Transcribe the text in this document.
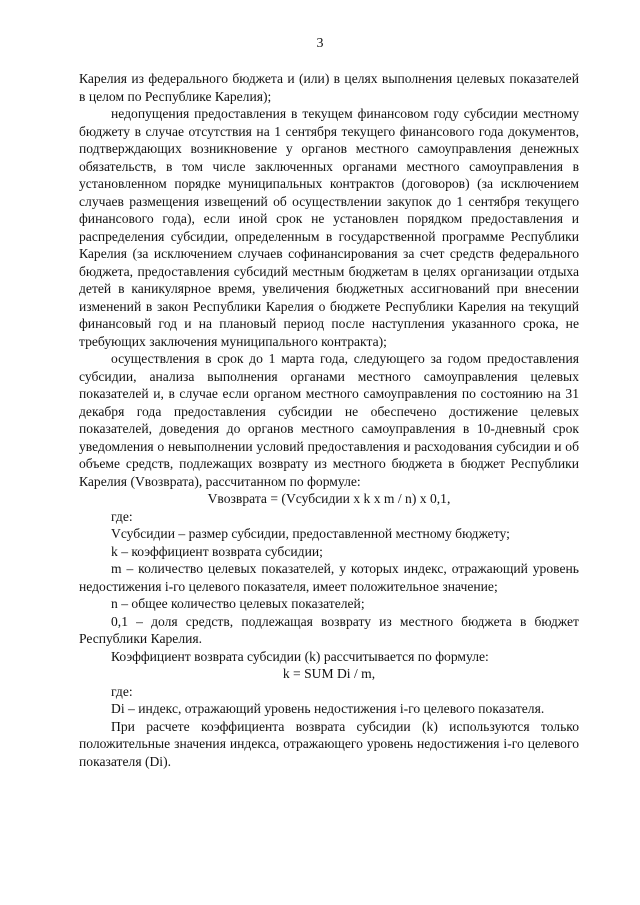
3

Карелия из федерального бюджета и (или) в целях выполнения целевых показателей в целом по Республике Карелия);

недопущения предоставления в текущем финансовом году субсидии местному бюджету в случае отсутствия на 1 сентября текущего финансового года документов, подтверждающих возникновение у органов местного самоуправления денежных обязательств, в том числе заключенных органами местного самоуправления в установленном порядке муниципальных контрактов (договоров) (за исключением случаев размещения извещений об осуществлении закупок до 1 сентября текущего финансового года), если иной срок не установлен порядком предоставления и распределения субсидии, определенным в государственной программе Республики Карелия (за исключением случаев софинансирования за счет средств федерального бюджета, предоставления субсидий местным бюджетам в целях организации отдыха детей в каникулярное время, увеличения бюджетных ассигнований при внесении изменений в закон Республики Карелия о бюджете Республики Карелия на текущий финансовый год и на плановый период после наступления указанного срока, не требующих заключения муниципального контракта);

осуществления в срок до 1 марта года, следующего за годом предоставления субсидии, анализа выполнения органами местного самоуправления целевых показателей и, в случае если органом местного самоуправления по состоянию на 31 декабря года предоставления субсидии не обеспечено достижение целевых показателей, доведения до органов местного самоуправления в 10-дневный срок уведомления о невыполнении условий предоставления и расходования субсидии и об объеме средств, подлежащих возврату из местного бюджета в бюджет Республики Карелия (Vвозврата), рассчитанном по формуле:

Vвозврата = (Vсубсидии x k x m / n) x 0,1,

где:

Vсубсидии – размер субсидии, предоставленной местному бюджету;

k – коэффициент возврата субсидии;

m – количество целевых показателей, у которых индекс, отражающий уровень недостижения i-го целевого показателя, имеет положительное значение;

n – общее количество целевых показателей;

0,1 – доля средств, подлежащая возврату из местного бюджета в бюджет Республики Карелия.

Коэффициент возврата субсидии (k) рассчитывается по формуле:

k = SUM Di / m,

где:

Di – индекс, отражающий уровень недостижения i-го целевого показателя.

При расчете коэффициента возврата субсидии (k) используются только положительные значения индекса, отражающего уровень недостижения i-го целевого показателя (Di).
